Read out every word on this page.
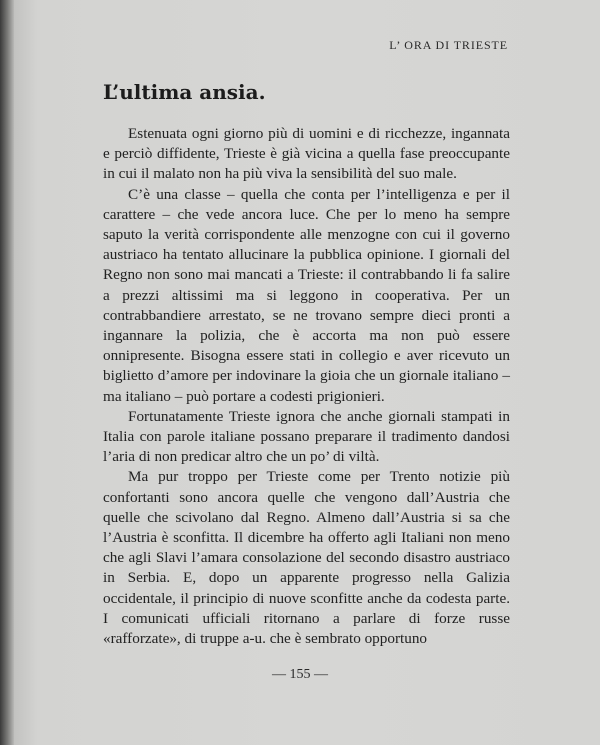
L’ ORA DI TRIESTE
L’ultima ansia.

Estenuata ogni giorno più di uomini e di ricchezze, ingannata e perciò diffidente, Trieste è già vicina a quella fase preoccupante in cui il malato non ha più viva la sensibilità del suo male.

C’è una classe – quella che conta per l’intelligenza e per il carattere – che vede ancora luce. Che per lo meno ha sempre saputo la verità corrispondente alle menzogne con cui il governo austriaco ha tentato allucinare la pubblica opinione. I giornali del Regno non sono mai mancati a Trieste: il contrabbando li fa salire a prezzi altissimi ma si leggono in cooperativa. Per un contrabbandiere arrestato, se ne trovano sempre dieci pronti a ingannare la polizia, che è accorta ma non può essere onnipresente. Bisogna essere stati in collegio e aver ricevuto un biglietto d’amore per indovinare la gioia che un giornale italiano – ma italiano – può portare a codesti prigionieri.

Fortunatamente Trieste ignora che anche giornali stampati in Italia con parole italiane possano preparare il tradimento dandosi l’aria di non predicar altro che un po’ di viltà.

Ma pur troppo per Trieste come per Trento notizie più confortanti sono ancora quelle che vengono dall’Austria che quelle che scivolano dal Regno. Almeno dall’Austria si sa che l’Austria è sconfitta. Il dicembre ha offerto agli Italiani non meno che agli Slavi l’amara consolazione del secondo disastro austriaco in Serbia. E, dopo un apparente progresso nella Galizia occidentale, il principio di nuove sconfitte anche da codesta parte. I comunicati ufficiali ritornano a parlare di forze russe «rafforzate», di truppe a-u. che è sembrato opportuno

— 155 —
